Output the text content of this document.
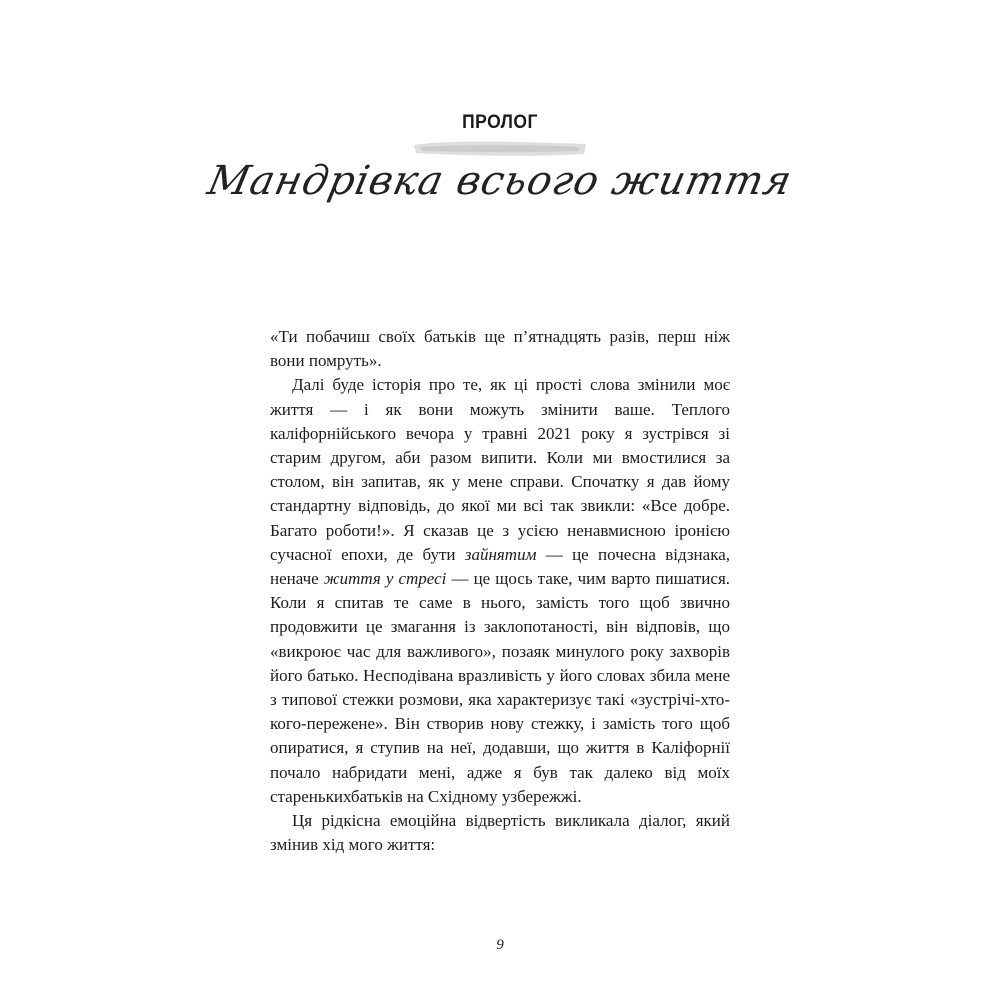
ПРОЛОГ
Мандрівка всього життя

«Ти побачиш своїх батьків ще п’ятнадцять разів, перш ніж вони помруть».

Далі буде історія про те, як ці прості слова змінили моє життя — і як вони можуть змінити ваше. Теплого каліфорнійського вечора у травні 2021 року я зустрівся зі старим другом, аби разом випити. Коли ми вмостилися за столом, він запитав, як у мене справи. Спочатку я дав йому стандартну відповідь, до якої ми всі так звикли: «Все добре. Багато роботи!». Я сказав це з усією ненавмисною іронією сучасної епохи, де бути зайнятим — це почесна відзнака, неначе життя у стресі — це щось таке, чим варто пишатися. Коли я спитав те саме в нього, замість того щоб звично продовжити це змагання із заклопотаності, він відповів, що «викроює час для важливого», позаяк минулого року захворів його батько. Несподівана вразливість у його словах збила мене з типової стежки розмови, яка характеризує такі «зустрічі-хто-кого-пережене». Він створив нову стежку, і замість того щоб опиратися, я ступив на неї, додавши, що життя в Каліфорнії почало набридати мені, адже я був так далеко від моїх старенькихбатьків на Східному узбережжі.

Ця рідкісна емоційна відвертість викликала діалог, який змінив хід мого життя:

9
